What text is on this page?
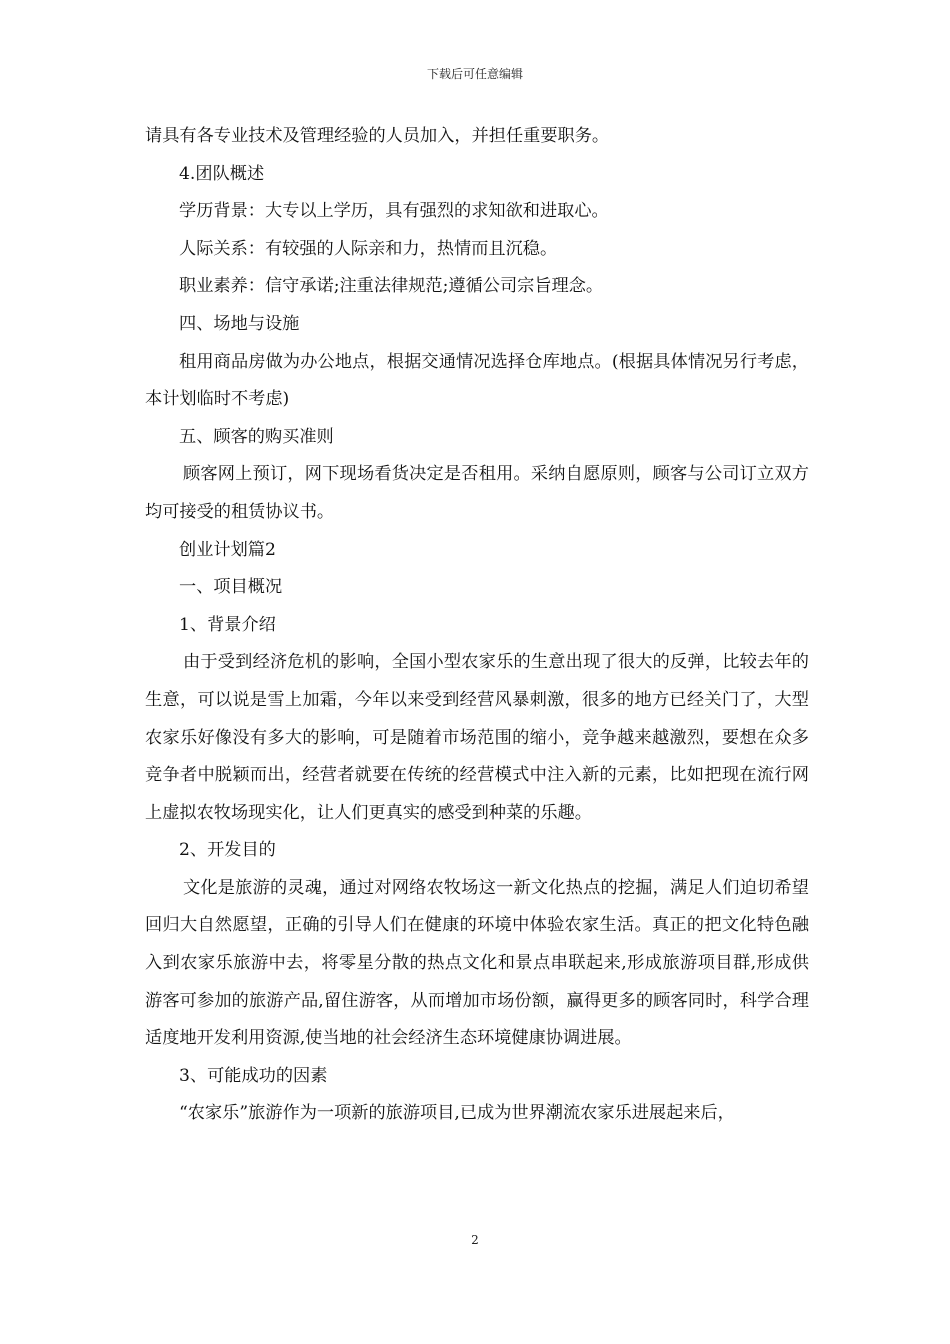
下载后可任意编辑

请具有各专业技术及管理经验的人员加入，并担任重要职务。

4.团队概述

学历背景：大专以上学历，具有强烈的求知欲和进取心。

人际关系：有较强的人际亲和力，热情而且沉稳。

职业素养：信守承诺;注重法律规范;遵循公司宗旨理念。

四、场地与设施

租用商品房做为办公地点，根据交通情况选择仓库地点。(根据具体情况另行考虑，本计划临时不考虑)

五、顾客的购买准则

顾客网上预订，网下现场看货决定是否租用。采纳自愿原则，顾客与公司订立双方均可接受的租赁协议书。

创业计划篇2

一、项目概况

1、背景介绍

由于受到经济危机的影响，全国小型农家乐的生意出现了很大的反弹，比较去年的生意，可以说是雪上加霜，今年以来受到经营风暴刺激，很多的地方已经关门了，大型农家乐好像没有多大的影响，可是随着市场范围的缩小，竞争越来越激烈，要想在众多竞争者中脱颖而出，经营者就要在传统的经营模式中注入新的元素，比如把现在流行网上虚拟农牧场现实化，让人们更真实的感受到种菜的乐趣。

2、开发目的

文化是旅游的灵魂，通过对网络农牧场这一新文化热点的挖掘，满足人们迫切希望回归大自然愿望，正确的引导人们在健康的环境中体验农家生活。真正的把文化特色融入到农家乐旅游中去，将零星分散的热点文化和景点串联起来,形成旅游项目群,形成供游客可参加的旅游产品,留住游客，从而增加市场份额，赢得更多的顾客同时，科学合理适度地开发利用资源,使当地的社会经济生态环境健康协调进展。

3、可能成功的因素

“农家乐”旅游作为一项新的旅游项目,已成为世界潮流农家乐进展起来后，

2
